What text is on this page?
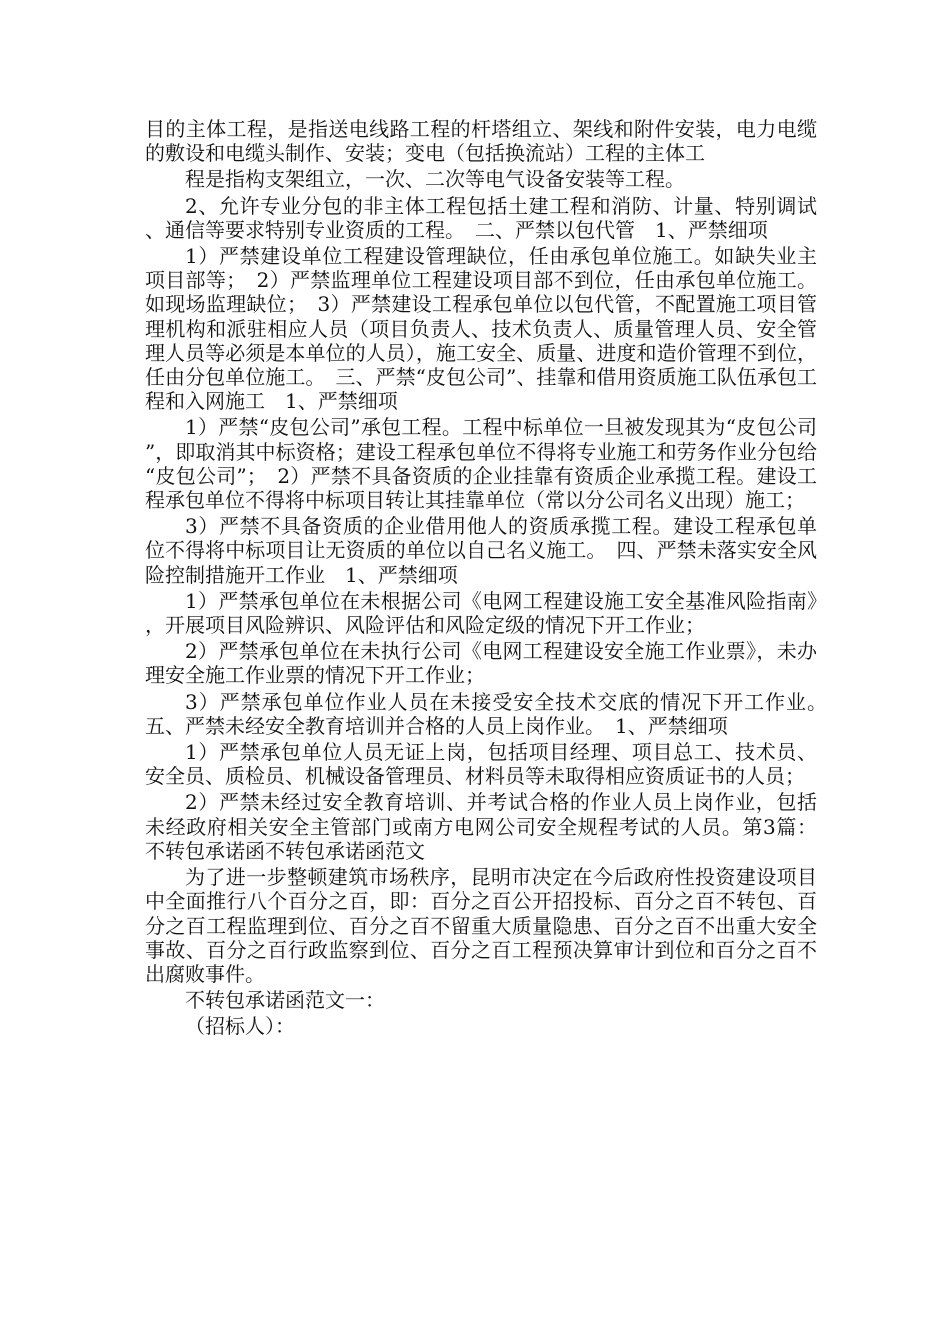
目的主体工程，是指送电线路工程的杆塔组立、架线和附件安装，电力电缆的敷设和电缆头制作、安装；变电（包括换流站）工程的主体工

程是指构支架组立，一次、二次等电气设备安装等工程。

2、允许专业分包的非主体工程包括土建工程和消防、计量、特别调试、通信等要求特别专业资质的工程。　二、严禁以包代管　1、严禁细项

1）严禁建设单位工程建设管理缺位，任由承包单位施工。如缺失业主项目部等；　2）严禁监理单位工程建设项目部不到位，任由承包单位施工。如现场监理缺位；　3）严禁建设工程承包单位以包代管，不配置施工项目管理机构和派驻相应人员（项目负责人、技术负责人、质量管理人员、安全管理人员等必须是本单位的人员），施工安全、质量、进度和造价管理不到位，任由分包单位施工。　三、严禁“皮包公司”、挂靠和借用资质施工队伍承包工程和入网施工　1、严禁细项

1）严禁“皮包公司”承包工程。工程中标单位一旦被发现其为“皮包公司”，即取消其中标资格；建设工程承包单位不得将专业施工和劳务作业分包给“皮包公司”；　2）严禁不具备资质的企业挂靠有资质企业承揽工程。建设工程承包单位不得将中标项目转让其挂靠单位（常以分公司名义出现）施工；

3）严禁不具备资质的企业借用他人的资质承揽工程。建设工程承包单位不得将中标项目让无资质的单位以自己名义施工。　四、严禁未落实安全风险控制措施开工作业　1、严禁细项

1）严禁承包单位在未根据公司《电网工程建设施工安全基准风险指南》，开展项目风险辨识、风险评估和风险定级的情况下开工作业；

2）严禁承包单位在未执行公司《电网工程建设安全施工作业票》，未办理安全施工作业票的情况下开工作业；

3）严禁承包单位作业人员在未接受安全技术交底的情况下开工作业。　五、严禁未经安全教育培训并合格的人员上岗作业。　1、严禁细项

1）严禁承包单位人员无证上岗，包括项目经理、项目总工、技术员、安全员、质检员、机械设备管理员、材料员等未取得相应资质证书的人员；

2）严禁未经过安全教育培训、并考试合格的作业人员上岗作业，包括未经政府相关安全主管部门或南方电网公司安全规程考试的人员。第3篇：不转包承诺函不转包承诺函范文

为了进一步整顿建筑市场秩序，昆明市决定在今后政府性投资建设项目中全面推行八个百分之百，即：百分之百公开招投标、百分之百不转包、百分之百工程监理到位、百分之百不留重大质量隐患、百分之百不出重大安全事故、百分之百行政监察到位、百分之百工程预决算审计到位和百分之百不出腐败事件。

不转包承诺函范文一：

（招标人）：
